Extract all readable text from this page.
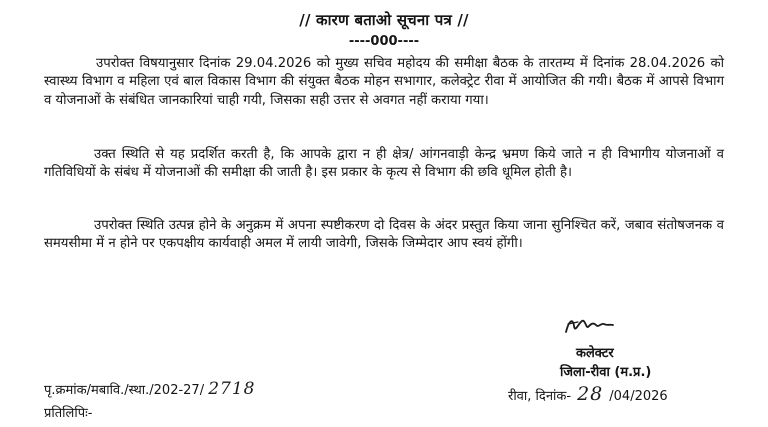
// कारण बताओ सूचना पत्र //
----000----

उपरोक्त विषयानुसार दिनांक 29.04.2026 को मुख्य सचिव महोदय की समीक्षा बैठक के तारतम्य में दिनांक 28.04.2026 को स्वास्थ्य विभाग व महिला एवं बाल विकास विभाग की संयुक्त बैठक मोहन सभागार, कलेक्ट्रेट रीवा में आयोजित की गयी। बैठक में आपसे विभाग व योजनाओं के संबंधित जानकारियां चाही गयी, जिसका सही उत्तर से अवगत नहीं कराया गया।

उक्त स्थिति से यह प्रदर्शित करती है, कि आपके द्वारा न ही क्षेत्र/ आंगनवाड़ी केन्द्र भ्रमण किये जाते न ही विभागीय योजनाओं व गतिविधियों के संबंध में योजनाओं की समीक्षा की जाती है। इस प्रकार के कृत्य से विभाग की छवि धूमिल होती है।

उपरोक्त स्थिति उत्पन्न होने के अनुक्रम में अपना स्पष्टीकरण दो दिवस के अंदर प्रस्तुत किया जाना सुनिश्चित करें, जबाव संतोषजनक व समयसीमा में न होने पर एकपक्षीय कार्यवाही अमल में लायी जावेगी, जिसके जिम्मेदार आप स्वयं होंगी।

कलेक्टर
जिला-रीवा (म.प्र.)
पृ.क्रमांक/मबावि./स्था./202-27/ 2718	रीवा, दिनांक- 28 /04/2026
प्रतिलिपिः-
